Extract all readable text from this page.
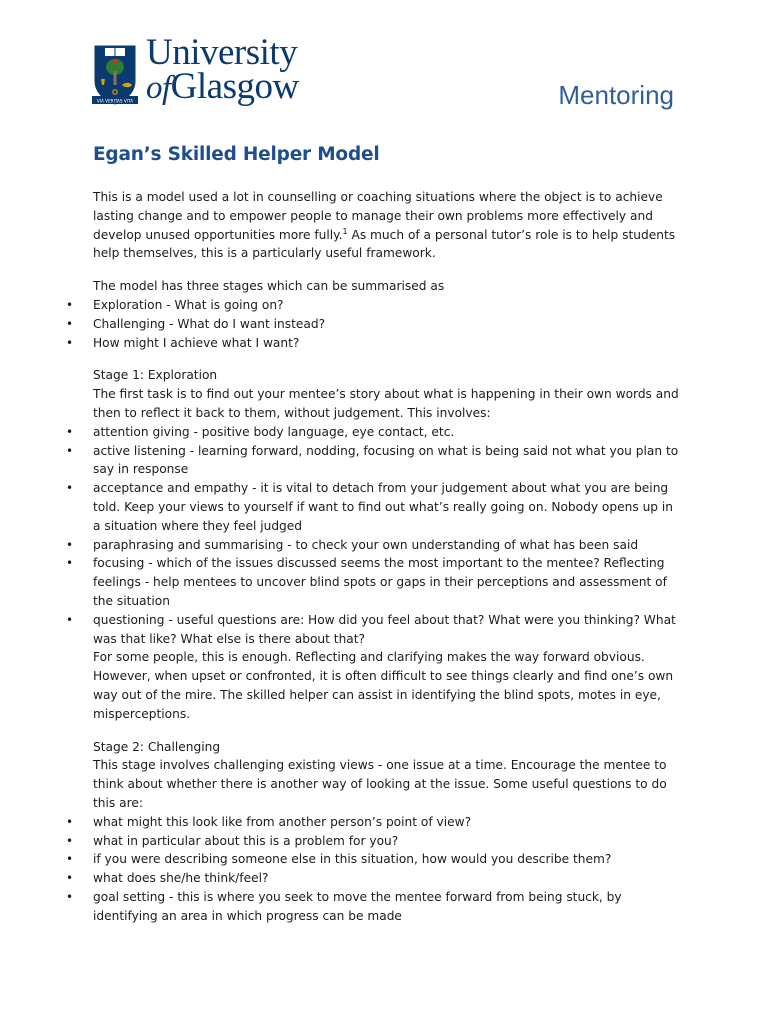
VIA VERITAS VITA
University
ofGlasgow	Mentoring
Egan’s Skilled Helper Model

This is a model used a lot in counselling or coaching situations where the object is to achieve lasting change and to empower people to manage their own problems more effectively and develop unused opportunities more fully.$^1$ As much of a personal tutor’s role is to help students help themselves, this is a particularly useful framework.

The model has three stages which can be summarised as

• Exploration - What is going on?
• Challenging - What do I want instead?
• How might I achieve what I want?

Stage 1: Exploration

The first task is to find out your mentee’s story about what is happening in their own words and then to reflect it back to them, without judgement. This involves:

• attention giving - positive body language, eye contact, etc.
• active listening - learning forward, nodding, focusing on what is being said not what you plan to say in response
• acceptance and empathy - it is vital to detach from your judgement about what you are being told. Keep your views to yourself if want to find out what’s really going on. Nobody opens up in a situation where they feel judged
• paraphrasing and summarising - to check your own understanding of what has been said
• focusing - which of the issues discussed seems the most important to the mentee? Reflecting feelings - help mentees to uncover blind spots or gaps in their perceptions and assessment of the situation
• questioning - useful questions are: How did you feel about that? What were you thinking? What was that like? What else is there about that?

For some people, this is enough. Reflecting and clarifying makes the way forward obvious. However, when upset or confronted, it is often difficult to see things clearly and find one’s own way out of the mire. The skilled helper can assist in identifying the blind spots, motes in eye, misperceptions.

Stage 2: Challenging

This stage involves challenging existing views - one issue at a time. Encourage the mentee to think about whether there is another way of looking at the issue. Some useful questions to do this are:

• what might this look like from another person’s point of view?
• what in particular about this is a problem for you?
• if you were describing someone else in this situation, how would you describe them?
• what does she/he think/feel?
• goal setting - this is where you seek to move the mentee forward from being stuck, by identifying an area in which progress can be made
